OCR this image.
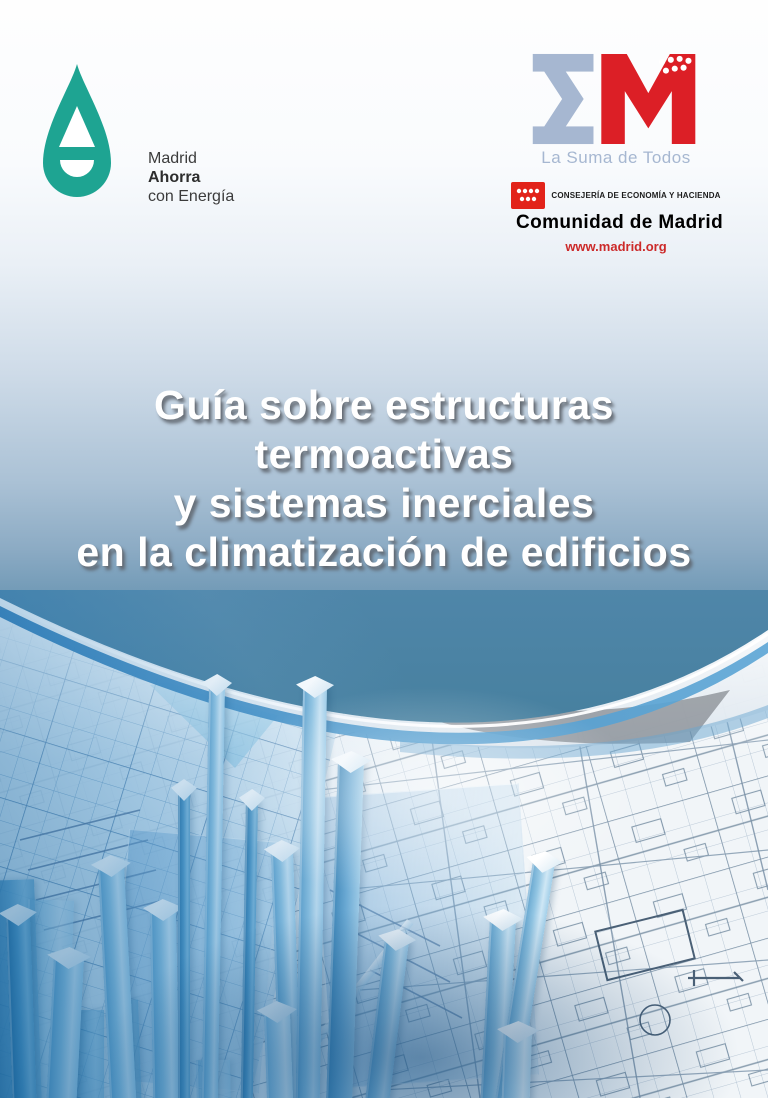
Madrid
Ahorra
con Energía
La Suma de Todos
CONSEJERÍA DE ECONOMÍA Y HACIENDA
Comunidad de Madrid
www.madrid.org
Guía sobre estructuras
termoactivas
y sistemas inerciales
en la climatización de edificios
